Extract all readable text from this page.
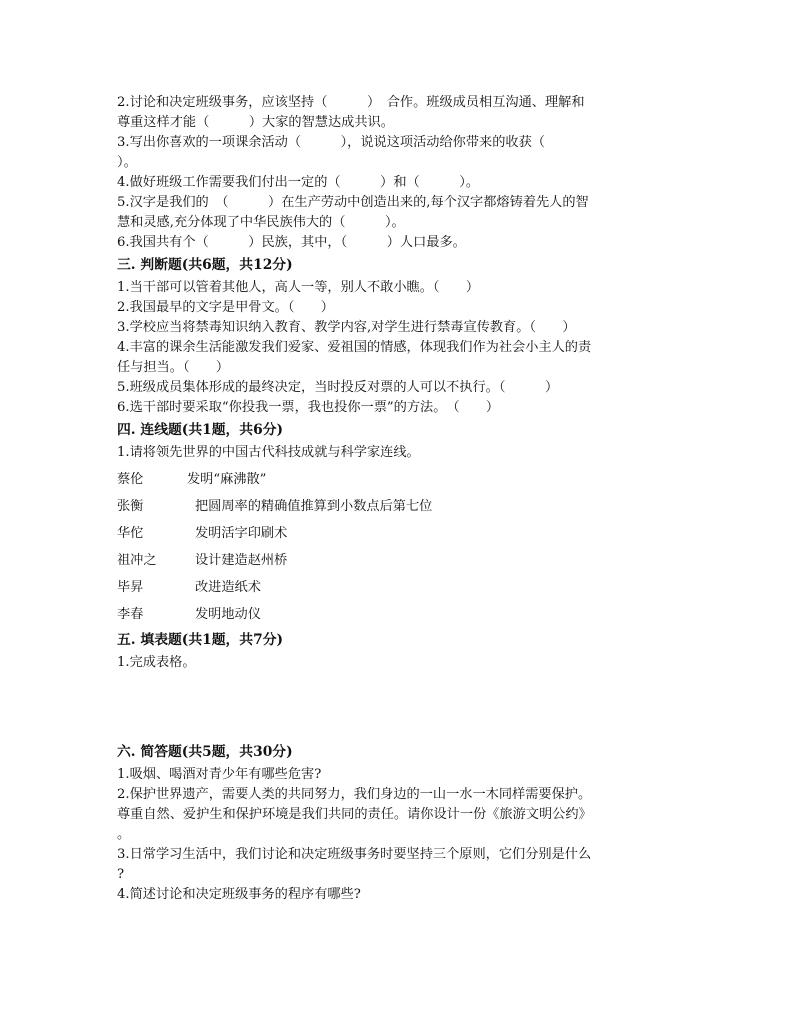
2.讨论和决定班级事务，应该坚持（　　　）　合作。班级成员相互沟通、理解和
尊重这样才能（　　　）大家的智慧达成共识。
3.写出你喜欢的一项课余活动（　　　），说说这项活动给你带来的收获（
）。
4.做好班级工作需要我们付出一定的（　　　）和（　　　）。
5.汉字是我们的　（　　　）在生产劳动中创造出来的,每个汉字都熔铸着先人的智
慧和灵感,充分体现了中华民族伟大的（　　　）。
6.我国共有个（　　　）民族，其中，（　　　）人口最多。
三. 判断题(共6题，共12分)
1.当干部可以管着其他人，高人一等，别人不敢小瞧。（　　）
2.我国最早的文字是甲骨文。（　　）
3.学校应当将禁毒知识纳入教育、教学内容,对学生进行禁毒宣传教育。（　　）
4.丰富的课余生活能激发我们爱家、爱祖国的情感，体现我们作为社会小主人的责
任与担当。（　　）
5.班级成员集体形成的最终决定，当时投反对票的人可以不执行。（　　　）
6.选干部时要采取“你投我一票，我也投你一票”的方法。　（　　）
四. 连线题(共1题，共6分)
1.请将领先世界的中国古代科技成就与科学家连线。
蔡伦	发明“麻沸散”
张衡	把圆周率的精确值推算到小数点后第七位
华佗	发明活字印刷术
祖冲之	设计建造赵州桥
毕昇	改进造纸术
李春	发明地动仪
五. 填表题(共1题，共7分)
1.完成表格。
六. 简答题(共5题，共30分)
1.吸烟、喝酒对青少年有哪些危害?
2.保护世界遗产，需要人类的共同努力，我们身边的一山一水一木同样需要保护。
尊重自然、爱护生和保护环境是我们共同的责任。请你设计一份《旅游文明公约》
。
3.日常学习生活中，我们讨论和决定班级事务时要坚持三个原则，它们分别是什么
?
4.简述讨论和决定班级事务的程序有哪些?
